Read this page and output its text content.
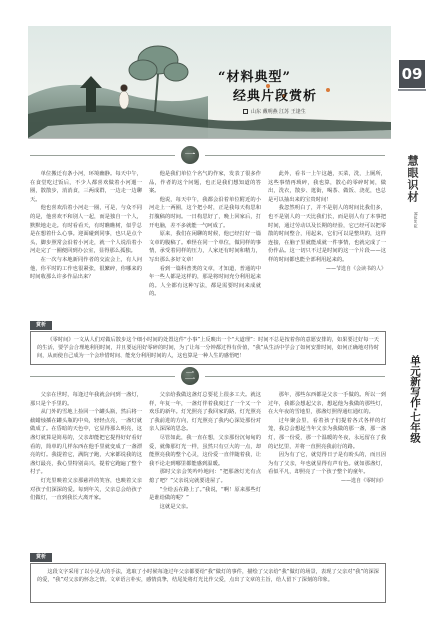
“材料典型”
经典片段赏析
山东 戴明燕 江苏 王逢生
09
慧眼识材
Material
单元新写作·七年级
一

单位搬迁有条小河，环境幽静。每天中午，在食堂吃过饭后，不少人都喜欢做着小河遛一圈，散散步，消消食，三两成群，一边走一边聊天。

他也喜欢沿着小河走一圈，可是，与众不同的是，他喜欢不和别人一起，而是独自一个人，默默地走走。有时看看天，有时瞧瞧树，似乎总是在想着什么心事。迎面碰到同事，也只是点个头，脚步照常会沿着小河走，就一个人说沿着小河走完了一圈便回到办公室，显得那么孤独。

在一次与本地新同作者的交流会上，有人问他，你平时的工作也很紧张，很繁碎，你哪来的时间收那么许多作品出来？

他是我们单位个名气的作家，发表了很多作品，作者的这个问题，也正是我们想知道的答案。

他说，每天中午，我都会沿着单位附近的小河走上一两圈，这个把小时，正是我每天构思和打腹稿的时间。一日构思好了，晚上回家后，打开电脑，差不多就能一气呵成了。

原来，我们在闲聊的时候，他已经打好一篇文章的腹稿了。难怪在同一个单位，做同样的事情，承受着同样的压力，人家还有时间和精力，写出那么多好文章！

看到一篇科普类的文章，才知道，普通的中年一些人都是这样的，那是将时间充分利用起来的。人全都有这种写法，都是需要时间来成就的。

此外，看书一上午这趟，买菜，洗，上厕所，这些事情再琐碎，我也算，散心的零碎时间，做出，洗衣，散步、逛街，喝茶、做饭、浇花，也总是可以抽出来的宝贵时间！

我忽然明白了，并不是别人的时间比我们多，也不是别人的一天比我们长，而是别人有了本事把时间，通过劳动以及长期的经验，它已经可以把零散的时间整合，用起来，它们可以是整块的，这样连接，在脑子里就能成就一件事情，也就完成了一份作品。这一切只不过是时间的这一个片段——这样的时间都也能全部利用起来的。

——节选自《会读书的人》
赏析
《零时间》一文从人们对做后散步这个细小时间的处置这件“小事”上反映出一个“大道理”：时间不总是按着你的意愿安排的，如果要过好每一天的生活，要学会合理地利用时间，并且要运用好零碎的时间，为了让每一分钟都过得有价值，“我”从生活中学会了如何安排时间，如何正确地对待时间，从而使自己成为一个会珍惜时间、能充分利用时间的人，这也算是一种人生的感悟吧！
二

父亲在世时，每逢过年我就会问到一盏灯，那只是个手里的。

从门外的雪地上捡回一个罐头瓶，然后将一截蜡烛插在罐头瓶的中央，轻轻点亮，一盏灯就做成了。在昏暗的天色中，它显得那么明亮，这盏灯就算是简易的，父亲却能把它提得好好看好看的，简单的几样东西在他手里就变成了一盏漂亮的灯。我提着它，满院子跑，大家都说我的这盏灯最亮，我心里特别高兴，提着它跑遍了整个村子。

灯光里映着父亲那慈祥的笑容，也映着父亲对孩子们深深的爱。每到年关，父亲总会给孩子们做灯，一直到我长大离开家。

父亲给我做这盏灯总要花上很多工夫。就这样，年复一年，一盏灯伴着我度过了一个又一个欢乐的新年。灯光照亮了我回家的路，灯光照亮了我前进的方向，灯光照亮了我内心深处那份对亲人深深的思念。

尽管如此，我一直在想，父亲那份沉甸甸的爱，就像那灯光一样，虽然只有豆大的一点，却能照亮我的整个心灵，这份爱一直伴随着我，让我不论走到哪里都能感到温暖。

那时父亲会笑吟吟地问：“把那盏灯光有点熄了吧？”父亲说完就要进屋了。

“全给丢在路上了。”我说，“啊！原来那些灯是谁给做的呢？”

这就是父亲。

那年，那些东西都是父亲一手做的。所以一到过年，我都会想起父亲，想起他为我做的那些灯，在大年夜的雪地里，那盏灯照得通红通红的。

过年聚会里，看着孩子们提着各式各样的灯笼，我总会想起当年父亲为我做的那一盏，那一盏灯，那一份爱，那一个温暖的冬夜，永远留在了我的记忆里，并将一直照亮我前行的路。

因为有了它，就觉得日子是有盼头的，而且因为有了父亲，年也就显得有声有色。就如那盏灯，看似平凡，却照亮了一个孩子整个的童年。

——选自《零时间》
赏析
这段文字采用了以小见大的手法，选取了小时候每逢过年父亲都要给“我”做灯的事件，描绘了父亲给“我”做灯的场景，表现了父亲对“我”的深深的爱，“我”对父亲的怀念之情。文章语言朴实，感情真挚，结尾处将灯光比作父爱，点出了文章的主旨，给人留下了深刻的印象。
